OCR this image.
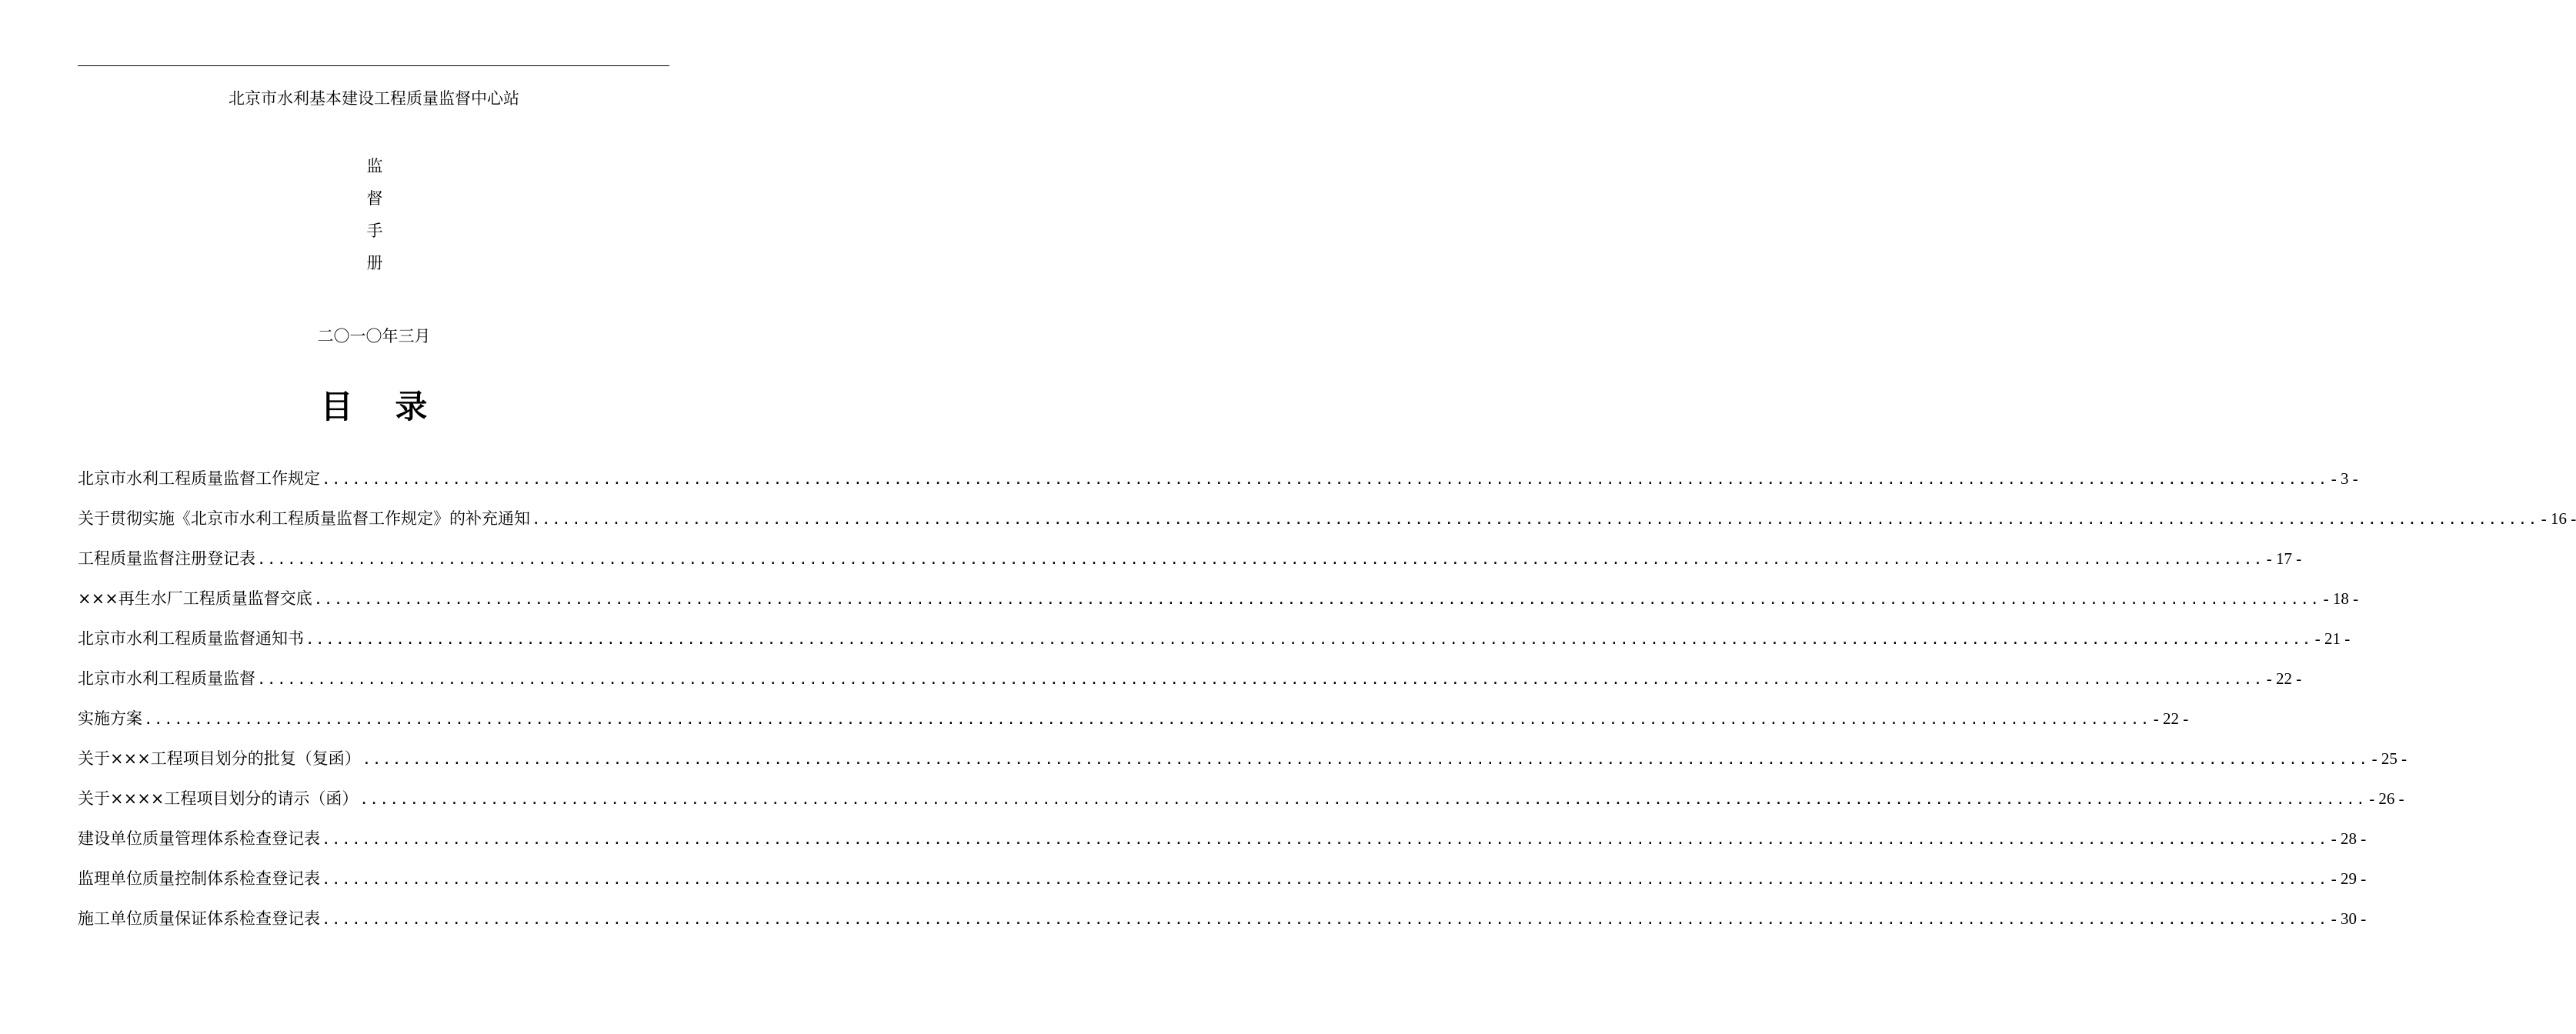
北京市水利基本建设工程质量监督中心站
监
督
手
册
二〇一〇年三月
目 录
北京市水利工程质量监督工作规定 ........................................................................................................................................................................................................ - 3 -
关于贯彻实施《北京市水利工程质量监督工作规定》的补充通知 ........................................................................................................................................................................................................ - 16 -
工程质量监督注册登记表 ........................................................................................................................................................................................................ - 17 -
×××再生水厂工程质量监督交底 ........................................................................................................................................................................................................ - 18 -
北京市水利工程质量监督通知书 ........................................................................................................................................................................................................ - 21 -
北京市水利工程质量监督 ........................................................................................................................................................................................................ - 22 -
实施方案 ........................................................................................................................................................................................................ - 22 -
关于×××工程项目划分的批复（复函） ........................................................................................................................................................................................................ - 25 -
关于××××工程项目划分的请示（函） ........................................................................................................................................................................................................ - 26 -
建设单位质量管理体系检查登记表 ........................................................................................................................................................................................................ - 28 -
监理单位质量控制体系检查登记表 ........................................................................................................................................................................................................ - 29 -
施工单位质量保证体系检查登记表 ........................................................................................................................................................................................................ - 30 -
